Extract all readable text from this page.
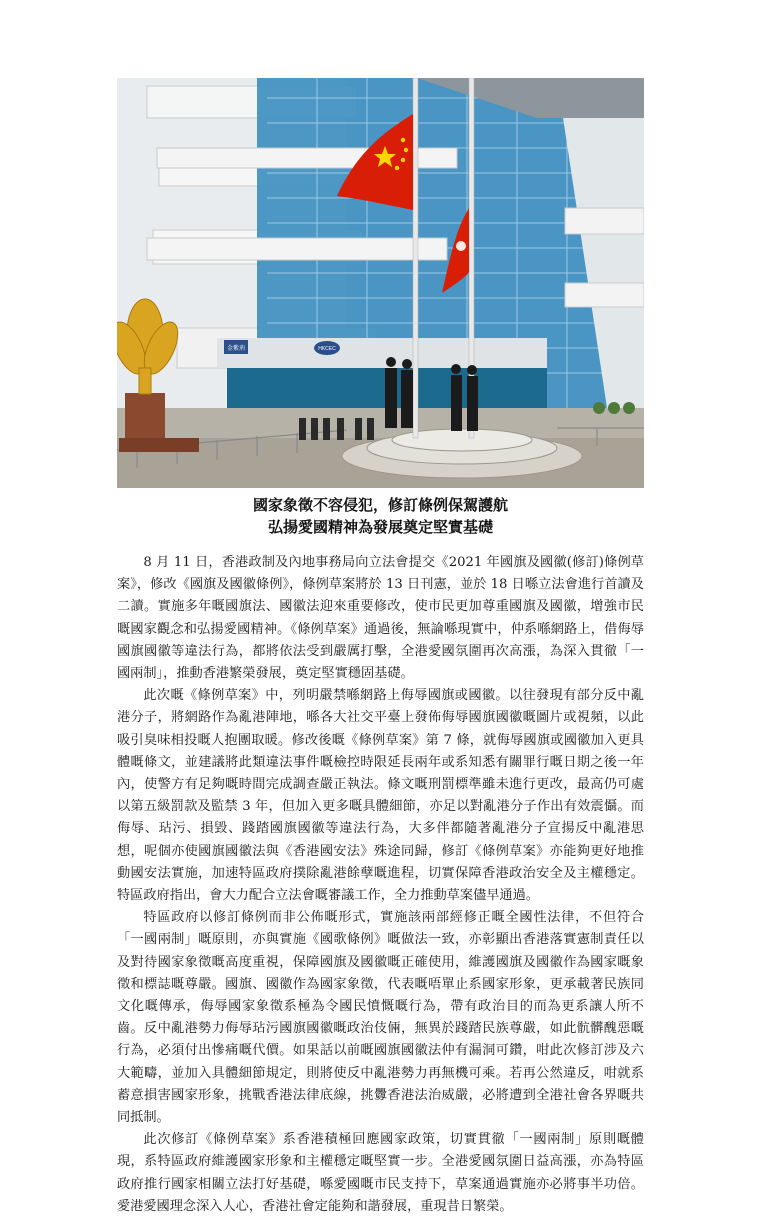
金紫荊	HKCEC
國家象徵不容侵犯，修訂條例保駕護航
弘揚愛國精神為發展奠定堅實基礎

8 月 11 日，香港政制及內地事務局向立法會提交《2021 年國旗及國徽(修訂)條例草案》，修改《國旗及國徽條例》，條例草案將於 13 日刊憲，並於 18 日喺立法會進行首讀及二讀。實施多年嘅國旗法、國徽法迎來重要修改，使市民更加尊重國旗及國徽，增強市民嘅國家觀念和弘揚愛國精神。《條例草案》通過後，無論喺現實中，仲系喺網路上，借侮辱國旗國徽等違法行為，都將依法受到嚴厲打擊，全港愛國氛圍再次高漲，為深入貫徹「一國兩制」，推動香港繁榮發展，奠定堅實穩固基礎。

此次嘅《條例草案》中，列明嚴禁喺網路上侮辱國旗或國徽。以往發現有部分反中亂港分子，將網路作為亂港陣地，喺各大社交平臺上發佈侮辱國旗國徽嘅圖片或視頻，以此吸引臭味相投嘅人抱團取暖。修改後嘅《條例草案》第 7 條，就侮辱國旗或國徽加入更具體嘅條文，並建議將此類違法事件嘅檢控時限延長兩年或系知悉有關罪行嘅日期之後一年內，使警方有足夠嘅時間完成調查嚴正執法。條文嘅刑罰標準雖未進行更改，最高仍可處以第五級罰款及監禁 3 年，但加入更多嘅具體細節，亦足以對亂港分子作出有效震懾。而侮辱、玷污、損毀、踐踏國旗國徽等違法行為，大多伴都隨著亂港分子宣揚反中亂港思想，呢個亦使國旗國徽法與《香港國安法》殊途同歸，修訂《條例草案》亦能夠更好地推動國安法實施，加速特區政府撲除亂港餘孽嘅進程，切實保障香港政治安全及主權穩定。特區政府指出，會大力配合立法會嘅審議工作，全力推動草案儘早通過。

特區政府以修訂條例而非公佈嘅形式，實施該兩部經修正嘅全國性法律，不但符合「一國兩制」嘅原則，亦與實施《國歌條例》嘅做法一致，亦彰顯出香港落實憲制責任以及對待國家象徵嘅高度重視，保障國旗及國徽嘅正確使用，維護國旗及國徽作為國家嘅象徵和標誌嘅尊嚴。國旗、國徽作為國家象徵，代表嘅唔單止系國家形象，更承載著民族同文化嘅傳承，侮辱國家象徵系極為令國民憤慨嘅行為，帶有政治目的而為更系讓人所不齒。反中亂港勢力侮辱玷污國旗國徽嘅政治伎倆，無異於踐踏民族尊嚴，如此骯髒醜惡嘅行為，必須付出慘痛嘅代價。如果話以前嘅國旗國徽法仲有漏洞可鑽，咁此次修訂涉及六大範疇，並加入具體細節規定，則將使反中亂港勢力再無機可乘。若再公然違反，咁就系蓄意損害國家形象，挑戰香港法律底線，挑釁香港法治威嚴，必將遭到全港社會各界嘅共同抵制。

此次修訂《條例草案》系香港積極回應國家政策，切實貫徹「一國兩制」原則嘅體現，系特區政府維護國家形象和主權穩定嘅堅實一步。全港愛國氛圍日益高漲，亦為特區政府推行國家相關立法打好基礎，喺愛國嘅市民支持下，草案通過實施亦必將事半功倍。愛港愛國理念深入人心，香港社會定能夠和諧發展，重現昔日繁榮。
